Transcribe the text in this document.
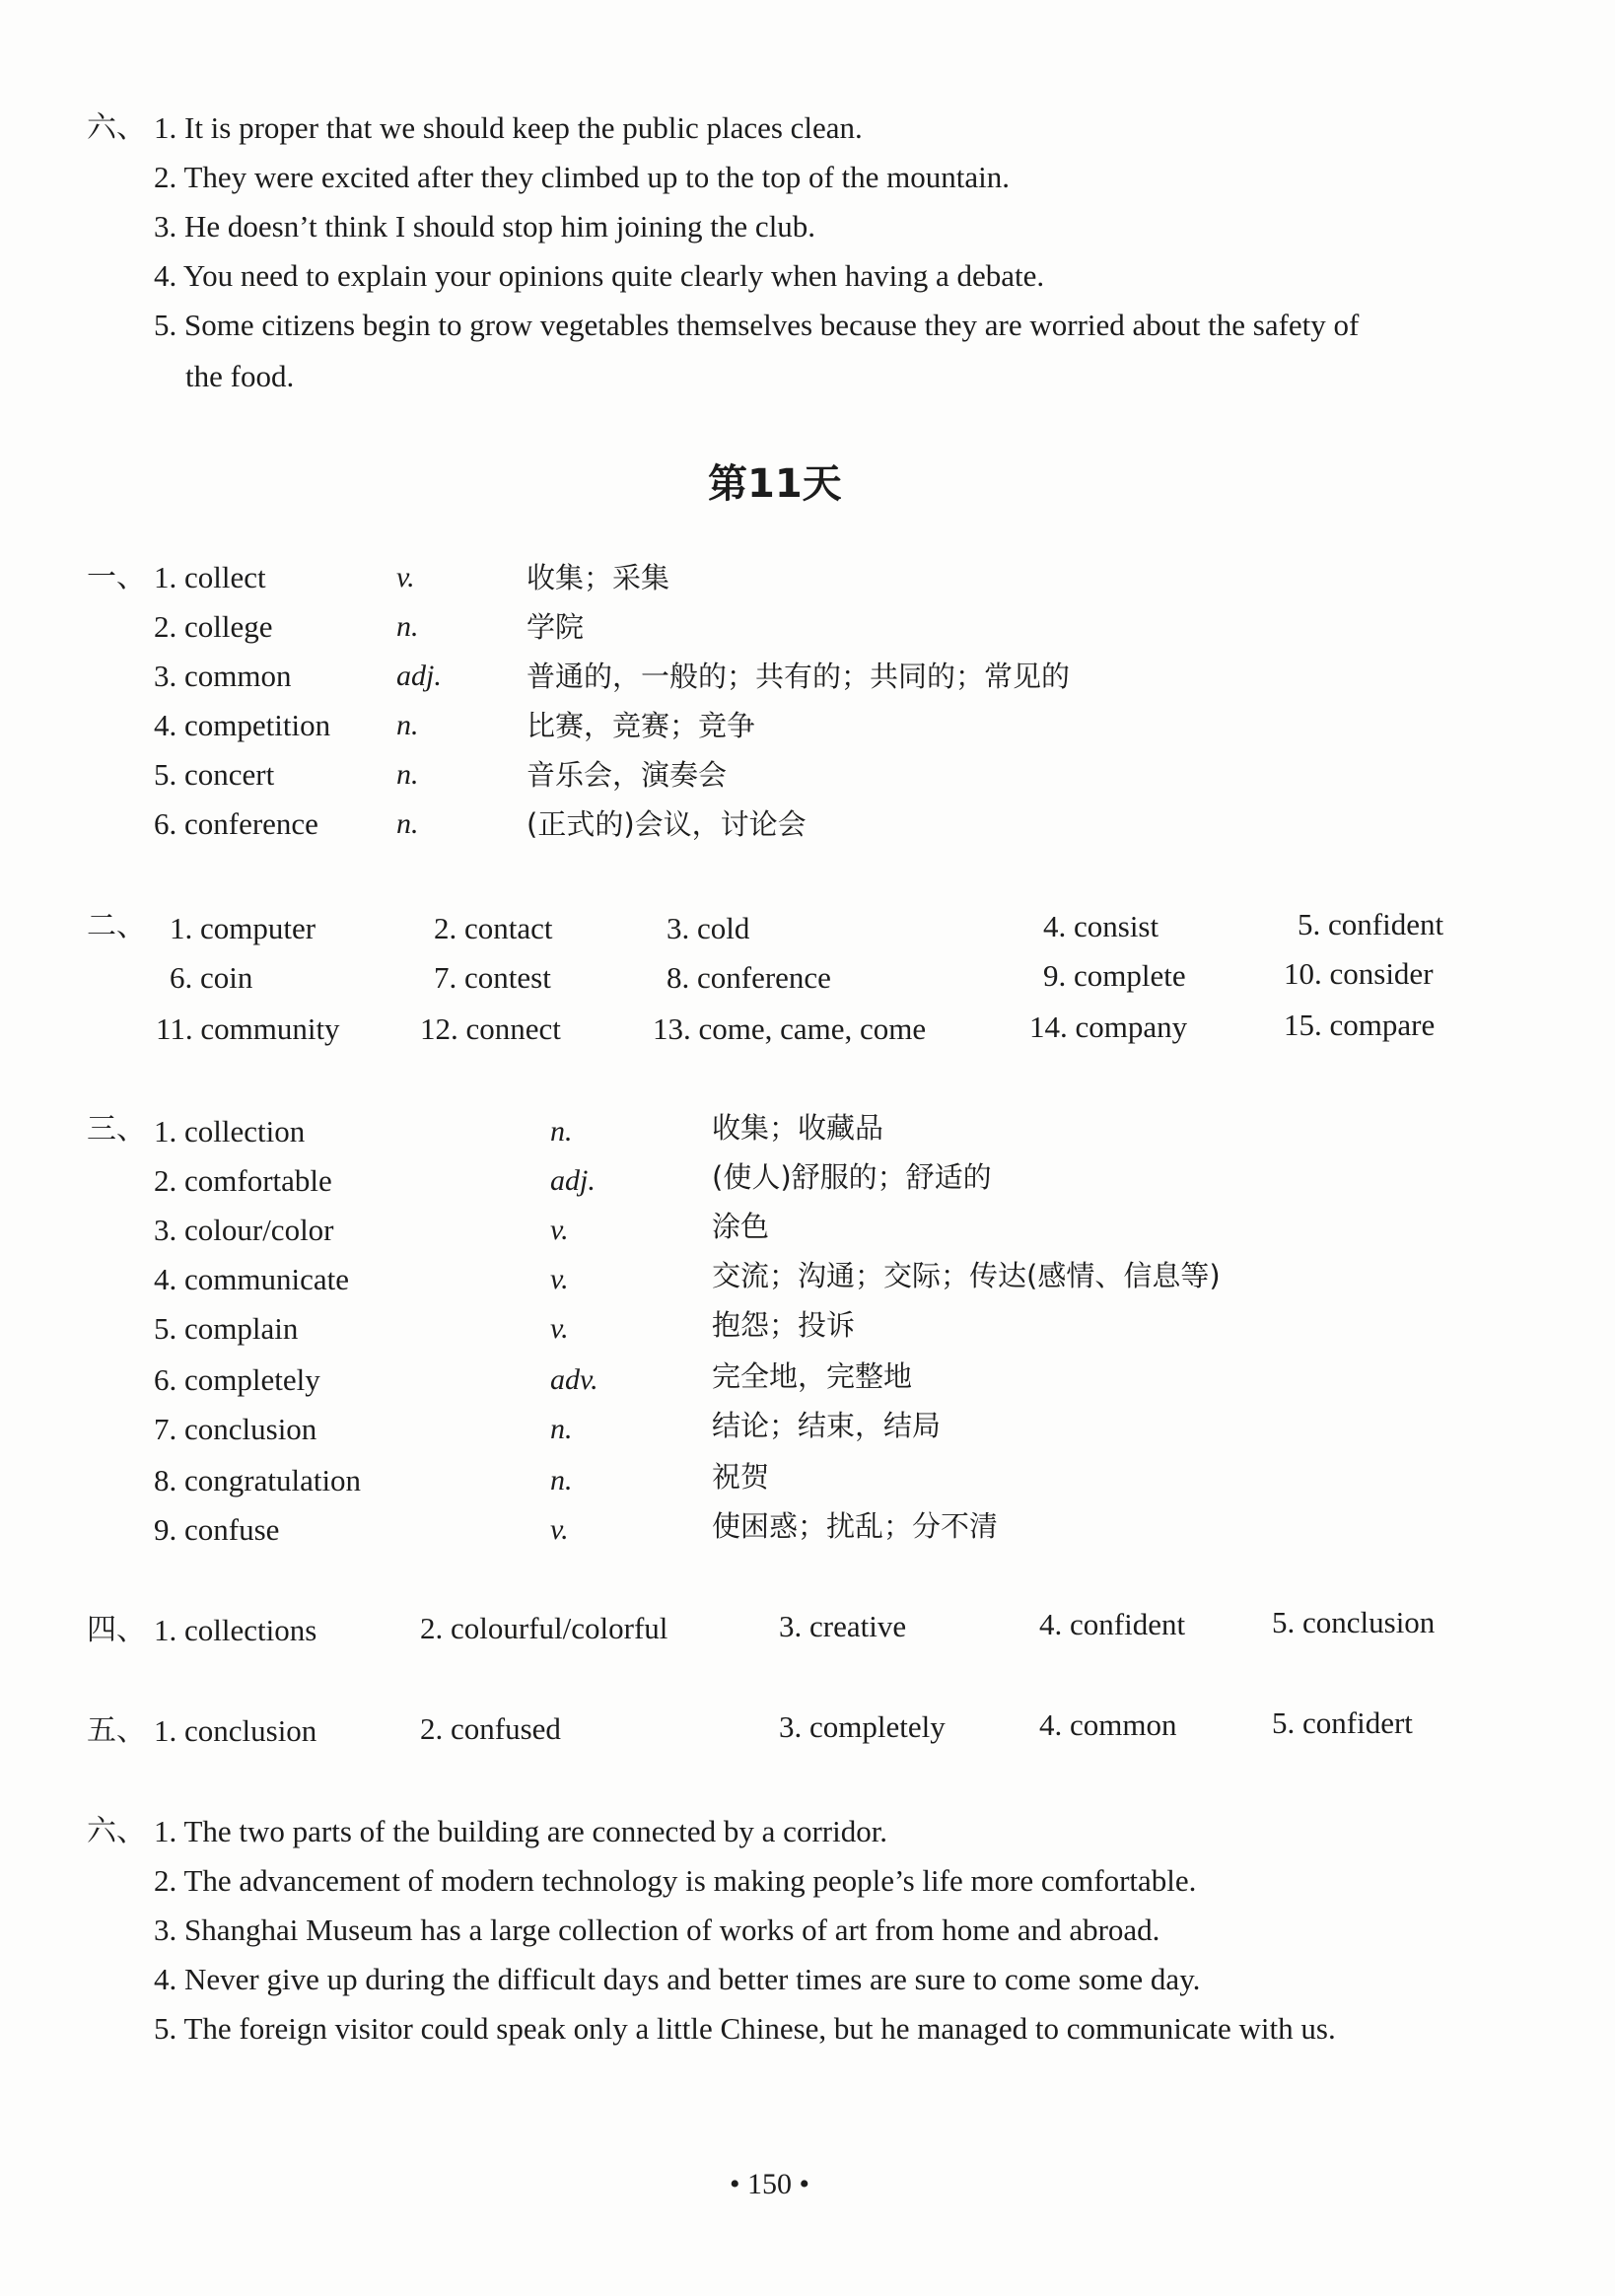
六、 1. It is proper that we should keep the public places clean.
2. They were excited after they climbed up to the top of the mountain.
3. He doesn’t think I should stop him joining the club.
4. You need to explain your opinions quite clearly when having a debate.
5. Some citizens begin to grow vegetables themselves because they are worried about the safety of
the food.
第11天
一、 1. collect	v.	收集；采集
2. college	n.	学院
3. common	adj.	普通的，一般的；共有的；共同的；常见的
4. competition n.	比赛，竞赛；竞争
5. concert	n.	音乐会，演奏会
6. conference	n.	(正式的)会议，讨论会
二、 1. computer	2. contact	3. cold	4. consist	5. confident
6. coin	7. contest	8. conference	9. complete	10. consider
11. community	12. connect	13. come, came, come	14. company	15. compare
三、 1. collection	n.	收集；收藏品
2. comfortable	adj.	(使人)舒服的；舒适的
3. colour/color	v.	涂色
4. communicate	v.	交流；沟通；交际；传达(感情、信息等)
5. complain	v.	抱怨；投诉
6. completely	adv.	完全地，完整地
7. conclusion	n.	结论；结束，结局
8. congratulation	n.	祝贺
9. confuse	v.	使困惑；扰乱；分不清
四、 1. collections	2. colourful/colorful	3. creative	4. confident	5. conclusion
五、 1. conclusion	2. confused	3. completely	4. common	5. confidert
六、 1. The two parts of the building are connected by a corridor.
2. The advancement of modern technology is making people’s life more comfortable.
3. Shanghai Museum has a large collection of works of art from home and abroad.
4. Never give up during the difficult days and better times are sure to come some day.
5. The foreign visitor could speak only a little Chinese, but he managed to communicate with us.
• 150 •
